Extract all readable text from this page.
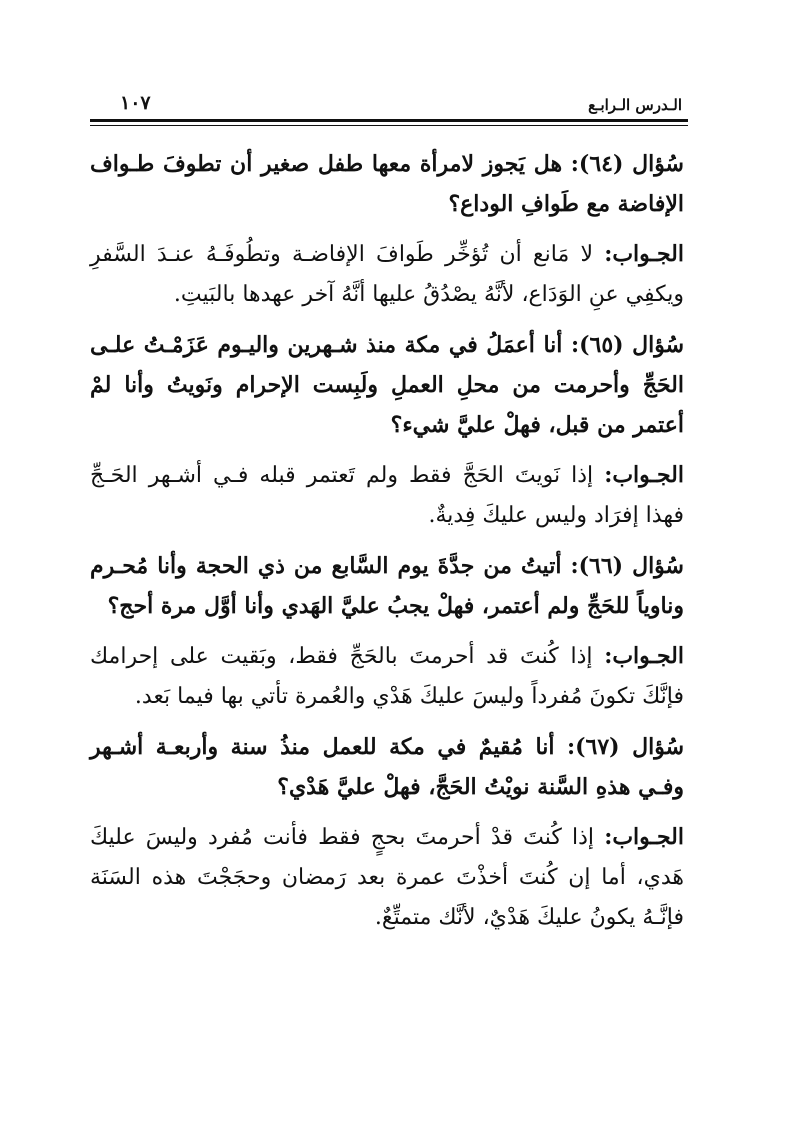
الـدرس الـرابـع
١٠٧

سُؤال (٦٤): هل يَجوز لامرأة معها طفل صغير أن تطوفَ طـواف الإفاضة مع طَوافِ الوداع؟

الجـواب: لا مَانع أن تُؤخِّر طَوافَ الإفاضـة وتطُوفَـهُ عنـدَ السَّفرِ ويكفِي عنِ الوَدَاع، لأنَّهُ يصْدُقُ عليها أنَّهُ آخر عهدها بالبَيتِ.

سُؤال (٦٥): أنا أعمَلُ في مكة منذ شـهرين واليـوم عَزَمْـتُ علـى الحَجِّ وأحرمت من محلِ العملِ ولَبِست الإحرام ونَويتُ وأنا لمْ أعتمر من قبل، فهلْ عليَّ شيء؟

الجـواب: إذا نَويتَ الحَجَّ فقط ولم تَعتمر قبله فـي أشـهر الحَـجِّ فهذا إفرَاد وليس عليكَ فِديةٌ.

سُؤال (٦٦): أتيتُ من جدَّةَ يوم السَّابع من ذي الحجة وأنا مُحـرم وناوياً للحَجِّ ولم أعتمر، فهلْ يجبُ عليَّ الهَدي وأنا أوَّل مرة أحج؟

الجـواب: إذا كُنتَ قد أحرمتَ بالحَجِّ فقط، وبَقيت على إحرامك فإنَّكَ تكونَ مُفرداً وليسَ عليكَ هَدْي والعُمرة تأتي بها فيما بَعد.

سُؤال (٦٧): أنا مُقيمٌ في مكة للعمل منذُ سنة وأربعـة أشـهر وفـي هذهِ السَّنة نويْتُ الحَجَّ، فهلْ عليَّ هَدْي؟

الجـواب: إذا كُنتَ قدْ أحرمتَ بحجٍ فقط فأنت مُفرد وليسَ عليكَ هَدي، أما إن كُنتَ أخذْتَ عمرة بعد رَمضان وحجَجْتَ هذه السَنَة فإنَّـهُ يكونُ عليكَ هَدْيٌ، لأنَّك متمتِّعٌ.
